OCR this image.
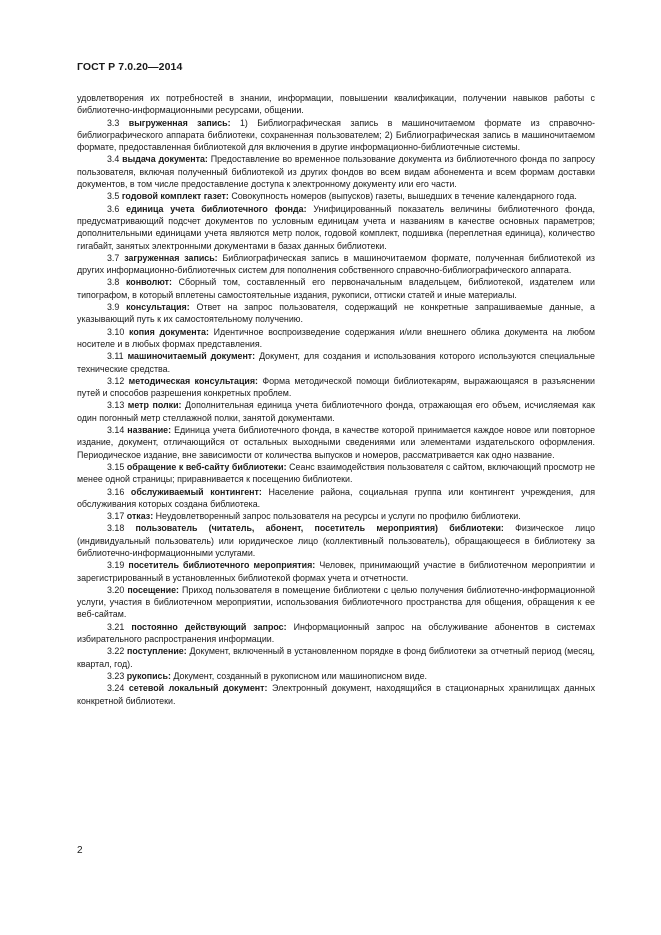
ГОСТ Р 7.0.20—2014

удовлетворения их потребностей в знании, информации, повышении квалификации, получении навыков работы с библиотечно-информационными ресурсами, общении.

3.3 выгруженная запись: 1) Библиографическая запись в машиночитаемом формате из справочно-библиографического аппарата библиотеки, сохраненная пользователем; 2) Библиографическая запись в машиночитаемом формате, предоставленная библиотекой для включения в другие информационно-библиотечные системы.

3.4 выдача документа: Предоставление во временное пользование документа из библиотечного фонда по запросу пользователя, включая полученный библиотекой из других фондов во всем видам абонемента и всем формам доставки документов, в том числе предоставление доступа к электронному документу или его части.

3.5 годовой комплект газет: Совокупность номеров (выпусков) газеты, вышедших в течение календарного года.

3.6 единица учета библиотечного фонда: Унифицированный показатель величины библиотечного фонда, предусматривающий подсчет документов по условным единицам учета и названиям в качестве основных параметров; дополнительными единицами учета являются метр полок, годовой комплект, подшивка (переплетная единица), количество гигабайт, занятых электронными документами в базах данных библиотеки.

3.7 загруженная запись: Библиографическая запись в машиночитаемом формате, полученная библиотекой из других информационно-библиотечных систем для пополнения собственного справочно-библиографического аппарата.

3.8 конволют: Сборный том, составленный его первоначальным владельцем, библиотекой, издателем или типографом, в который вплетены самостоятельные издания, рукописи, оттиски статей и иные материалы.

3.9 консультация: Ответ на запрос пользователя, содержащий не конкретные запрашиваемые данные, а указывающий путь к их самостоятельному получению.

3.10 копия документа: Идентичное воспроизведение содержания и/или внешнего облика документа на любом носителе и в любых формах представления.

3.11 машиночитаемый документ: Документ, для создания и использования которого используются специальные технические средства.

3.12 методическая консультация: Форма методической помощи библиотекарям, выражающаяся в разъяснении путей и способов разрешения конкретных проблем.

3.13 метр полки: Дополнительная единица учета библиотечного фонда, отражающая его объем, исчисляемая как один погонный метр стеллажной полки, занятой документами.

3.14 название: Единица учета библиотечного фонда, в качестве которой принимается каждое новое или повторное издание, документ, отличающийся от остальных выходными сведениями или элементами издательского оформления. Периодическое издание, вне зависимости от количества выпусков и номеров, рассматривается как одно название.

3.15 обращение к веб-сайту библиотеки: Сеанс взаимодействия пользователя с сайтом, включающий просмотр не менее одной страницы; приравнивается к посещению библиотеки.

3.16 обслуживаемый контингент: Население района, социальная группа или контингент учреждения, для обслуживания которых создана библиотека.

3.17 отказ: Неудовлетворенный запрос пользователя на ресурсы и услуги по профилю библиотеки.

3.18 пользователь (читатель, абонент, посетитель мероприятия) библиотеки: Физическое лицо (индивидуальный пользователь) или юридическое лицо (коллективный пользователь), обращающееся в библиотеку за библиотечно-информационными услугами.

3.19 посетитель библиотечного мероприятия: Человек, принимающий участие в библиотечном мероприятии и зарегистрированный в установленных библиотекой формах учета и отчетности.

3.20 посещение: Приход пользователя в помещение библиотеки с целью получения библиотечно-информационной услуги, участия в библиотечном мероприятии, использования библиотечного пространства для общения, обращения к ее веб-сайтам.

3.21 постоянно действующий запрос: Информационный запрос на обслуживание абонентов в системах избирательного распространения информации.

3.22 поступление: Документ, включенный в установленном порядке в фонд библиотеки за отчетный период (месяц, квартал, год).

3.23 рукопись: Документ, созданный в рукописном или машинописном виде.

3.24 сетевой локальный документ: Электронный документ, находящийся в стационарных хранилищах данных конкретной библиотеки.

2
